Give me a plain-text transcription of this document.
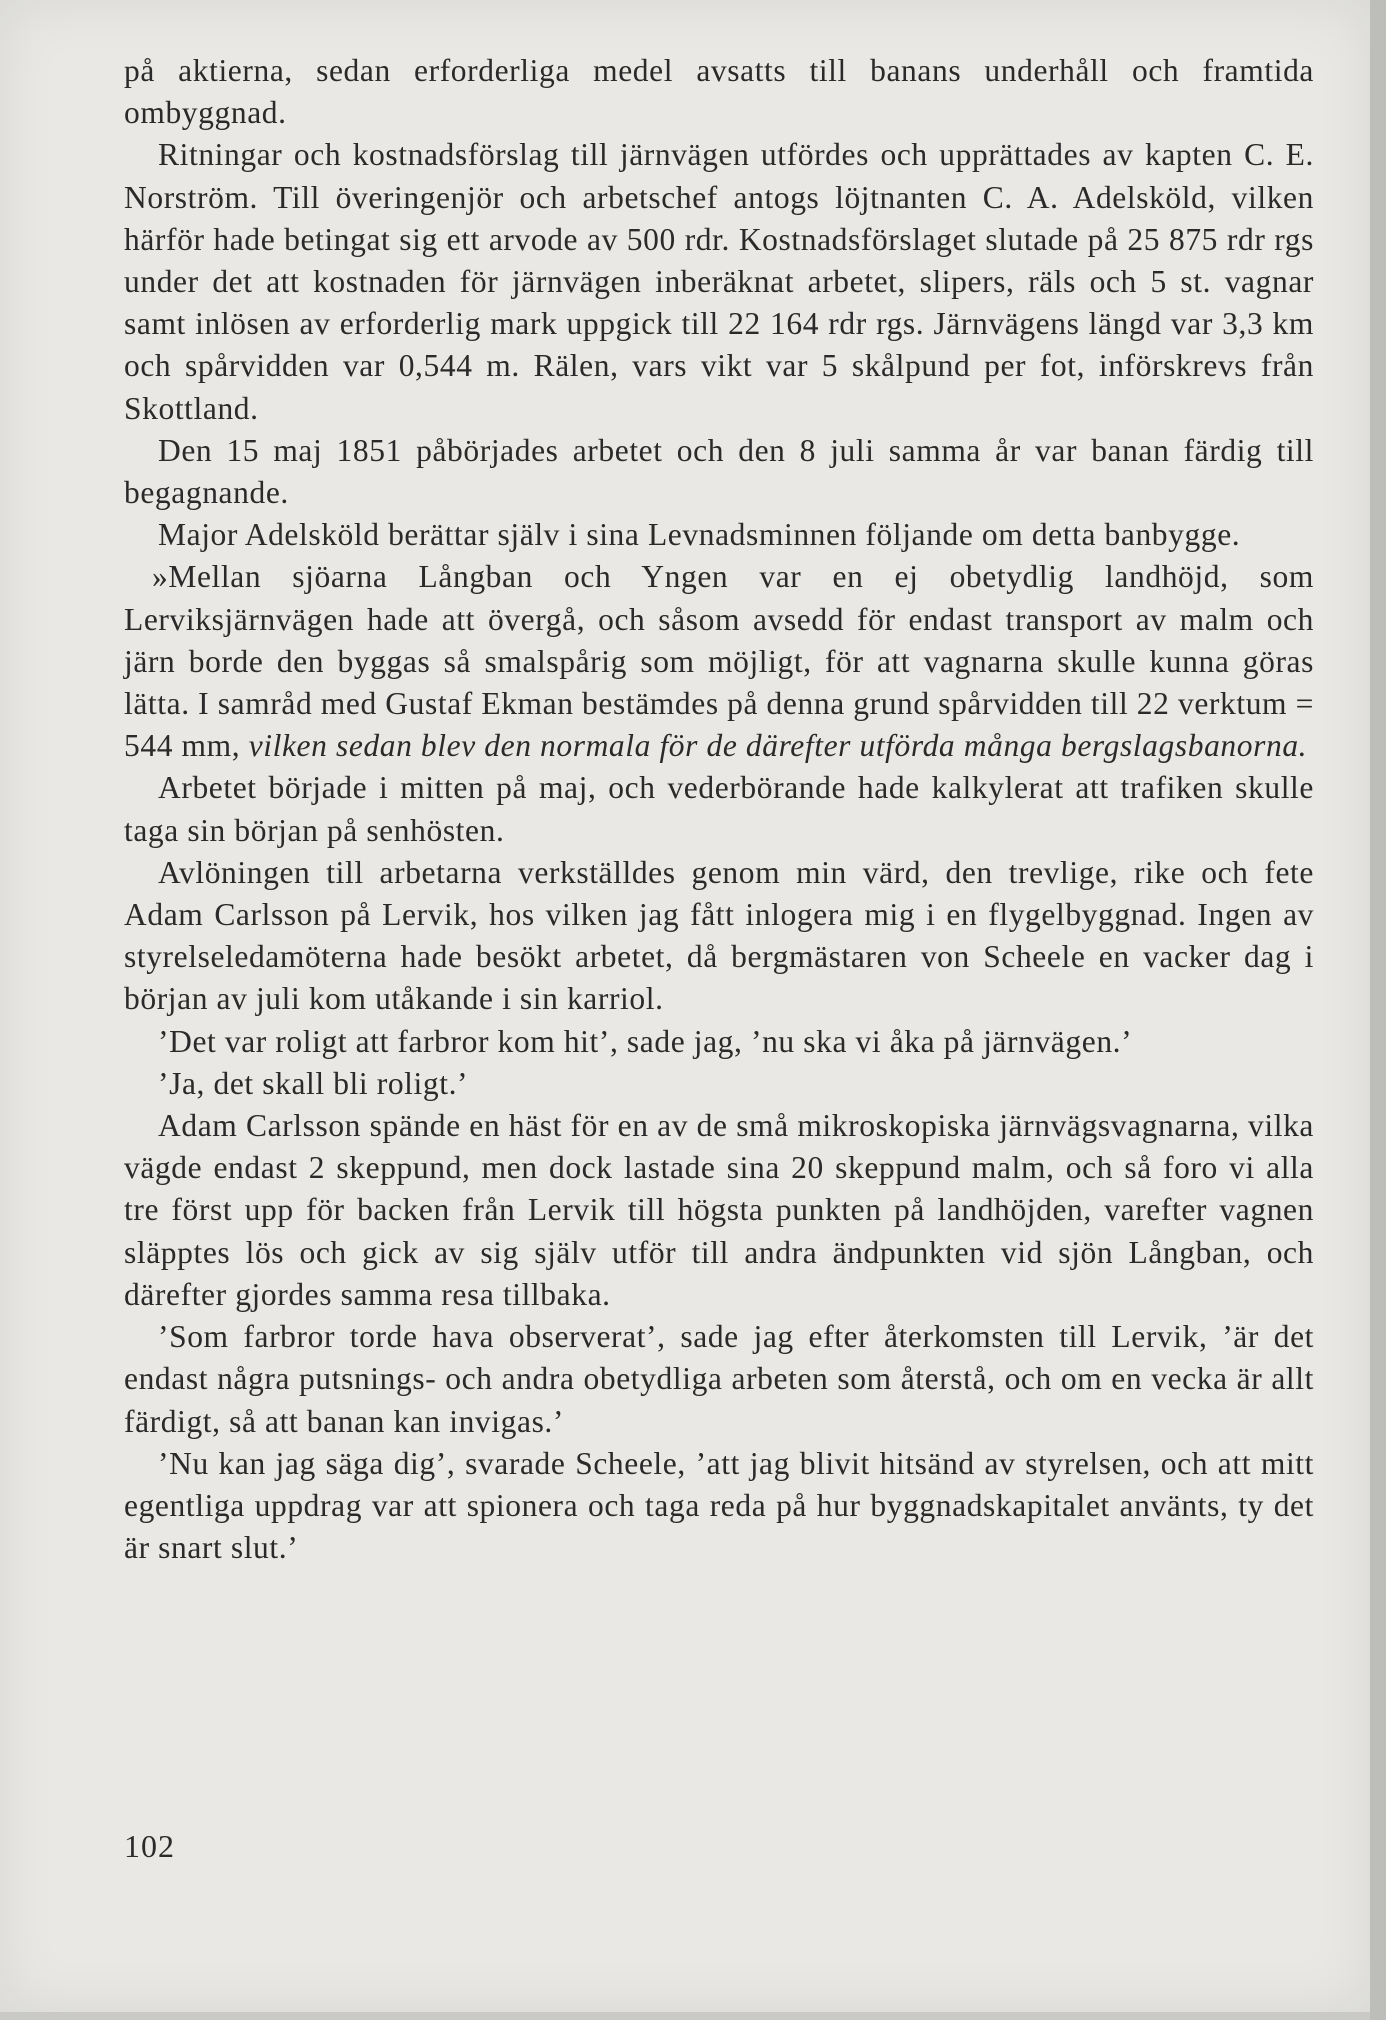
på aktierna, sedan erforderliga medel avsatts till banans underhåll och framtida ombyggnad.

Ritningar och kostnadsförslag till järnvägen utfördes och upprättades av kapten C. E. Norström. Till överingenjör och arbetschef antogs löjtnanten C. A. Adelsköld, vilken härför hade betingat sig ett arvode av 500 rdr. Kostnadsförslaget slutade på 25 875 rdr rgs under det att kostnaden för järnvägen inberäknat arbetet, slipers, räls och 5 st. vagnar samt inlösen av erforderlig mark uppgick till 22 164 rdr rgs. Järnvägens längd var 3,3 km och spårvidden var 0,544 m. Rälen, vars vikt var 5 skålpund per fot, införskrevs från Skottland.

Den 15 maj 1851 påbörjades arbetet och den 8 juli samma år var banan färdig till begagnande.

Major Adelsköld berättar själv i sina Levnadsminnen följande om detta banbygge.

»Mellan sjöarna Långban och Yngen var en ej obetydlig landhöjd, som Lerviksjärnvägen hade att övergå, och såsom avsedd för endast transport av malm och järn borde den byggas så smalspårig som möjligt, för att vagnarna skulle kunna göras lätta. I samråd med Gustaf Ekman bestämdes på denna grund spårvidden till 22 verktum = 544 mm, vilken sedan blev den normala för de därefter utförda många bergslagsbanorna.

Arbetet började i mitten på maj, och vederbörande hade kalkylerat att trafiken skulle taga sin början på senhösten.

Avlöningen till arbetarna verkställdes genom min värd, den trevlige, rike och fete Adam Carlsson på Lervik, hos vilken jag fått inlogera mig i en flygelbyggnad. Ingen av styrelseledamöterna hade besökt arbetet, då bergmästaren von Scheele en vacker dag i början av juli kom utåkande i sin karriol.

’Det var roligt att farbror kom hit’, sade jag, ’nu ska vi åka på järnvägen.’

’Ja, det skall bli roligt.’

Adam Carlsson spände en häst för en av de små mikroskopiska järnvägsvagnarna, vilka vägde endast 2 skeppund, men dock lastade sina 20 skeppund malm, och så foro vi alla tre först upp för backen från Lervik till högsta punkten på landhöjden, varefter vagnen släpptes lös och gick av sig själv utför till andra ändpunkten vid sjön Långban, och därefter gjordes samma resa tillbaka.

’Som farbror torde hava observerat’, sade jag efter återkomsten till Lervik, ’är det endast några putsnings- och andra obetydliga arbeten som återstå, och om en vecka är allt färdigt, så att banan kan invigas.’

’Nu kan jag säga dig’, svarade Scheele, ’att jag blivit hitsänd av styrelsen, och att mitt egentliga uppdrag var att spionera och taga reda på hur byggnadskapitalet använts, ty det är snart slut.’

102
